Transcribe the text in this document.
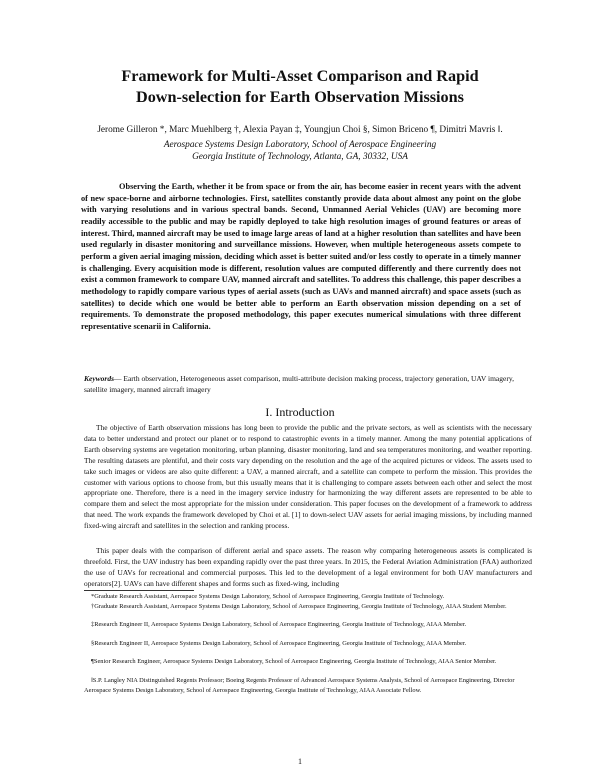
Framework for Multi-Asset Comparison and Rapid
Down-selection for Earth Observation Missions
Jerome Gilleron *, Marc Muehlberg †, Alexia Payan ‡, Youngjun Choi §, Simon Briceno ¶, Dimitri Mavris ‖.
Aerospace Systems Design Laboratory, School of Aerospace Engineering
Georgia Institute of Technology, Atlanta, GA, 30332, USA

Observing the Earth, whether it be from space or from the air, has become easier in recent years with the advent of new space-borne and airborne technologies. First, satellites constantly provide data about almost any point on the globe with varying resolutions and in various spectral bands. Second, Unmanned Aerial Vehicles (UAV) are becoming more readily accessible to the public and may be rapidly deployed to take high resolution images of ground features or areas of interest. Third, manned aircraft may be used to image large areas of land at a higher resolution than satellites and have been used regularly in disaster monitoring and surveillance missions. However, when multiple heterogeneous assets compete to perform a given aerial imaging mission, deciding which asset is better suited and/or less costly to operate in a timely manner is challenging. Every acquisition mode is different, resolution values are computed differently and there currently does not exist a common framework to compare UAV, manned aircraft and satellites. To address this challenge, this paper describes a methodology to rapidly compare various types of aerial assets (such as UAVs and manned aircraft) and space assets (such as satellites) to decide which one would be better able to perform an Earth observation mission depending on a set of requirements. To demonstrate the proposed methodology, this paper executes numerical simulations with three different representative scenarii in California.

Keywords— Earth observation, Heterogeneous asset comparison, multi-attribute decision making process, trajectory generation, UAV imagery, satellite imagery, manned aircraft imagery

I. Introduction

The objective of Earth observation missions has long been to provide the public and the private sectors, as well as scientists with the necessary data to better understand and protect our planet or to respond to catastrophic events in a timely manner. Among the many potential applications of Earth observing systems are vegetation monitoring, urban planning, disaster monitoring, land and sea temperatures monitoring, and weather reporting. The resulting datasets are plentiful, and their costs vary depending on the resolution and the age of the acquired pictures or videos. The assets used to take such images or videos are also quite different: a UAV, a manned aircraft, and a satellite can compete to perform the mission. This provides the customer with various options to choose from, but this usually means that it is challenging to compare assets between each other and select the most appropriate one. Therefore, there is a need in the imagery service industry for harmonizing the way different assets are represented to be able to compare them and select the most appropriate for the mission under consideration. This paper focuses on the development of a framework to address that need. The work expands the framework developed by Choi et al. [1] to down-select UAV assets for aerial imaging missions, by including manned fixed-wing aircraft and satellites in the selection and ranking process.

This paper deals with the comparison of different aerial and space assets. The reason why comparing heterogeneous assets is complicated is threefold. First, the UAV industry has been expanding rapidly over the past three years. In 2015, the Federal Aviation Administration (FAA) authorized the use of UAVs for recreational and commercial purposes. This led to the development of a legal environment for both UAV manufacturers and operators[2]. UAVs can have different shapes and forms such as fixed-wing, including

*Graduate Research Assistant, Aerospace Systems Design Laboratory, School of Aerospace Engineering, Georgia Institute of Technology.

†Graduate Research Assistant, Aerospace Systems Design Laboratory, School of Aerospace Engineering, Georgia Institute of Technology, AIAA Student Member.

‡Research Engineer II, Aerospace Systems Design Laboratory, School of Aerospace Engineering, Georgia Institute of Technology, AIAA Member.

§Research Engineer II, Aerospace Systems Design Laboratory, School of Aerospace Engineering, Georgia Institute of Technology, AIAA Member.

¶Senior Research Engineer, Aerospace Systems Design Laboratory, School of Aerospace Engineering, Georgia Institute of Technology, AIAA Senior Member.

‖S.P. Langley NIA Distinguished Regents Professor; Boeing Regents Professor of Advanced Aerospace Systems Analysis, School of Aerospace Engineering, Director Aerospace Systems Design Laboratory, School of Aerospace Engineering, Georgia Institute of Technology, AIAA Associate Fellow.

1
